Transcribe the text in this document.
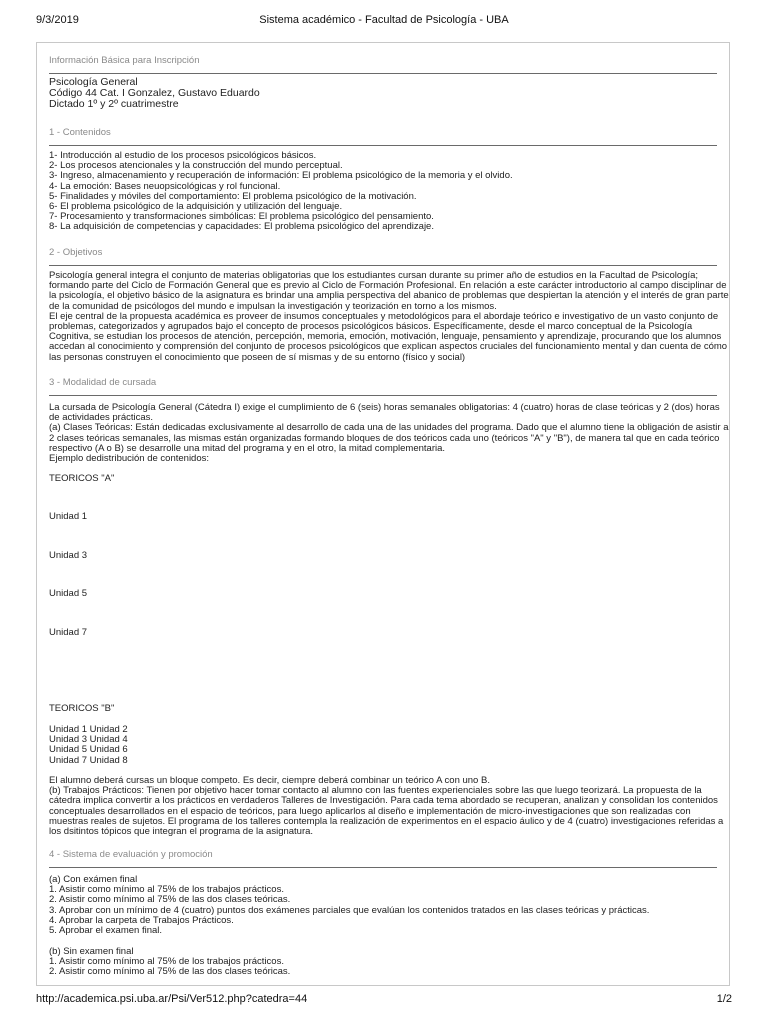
9/3/2019	Sistema académico - Facultad de Psicología - UBA
Información Básica para Inscripción
Psicología General
Código 44 Cat. I Gonzalez, Gustavo Eduardo
Dictado 1º y 2º cuatrimestre
1 - Contenidos
1- Introducción al estudio de los procesos psicológicos básicos.
2- Los procesos atencionales y la construcción del mundo perceptual.
3- Ingreso, almacenamiento y recuperación de información: El problema psicológico de la memoria y el olvido.
4- La emoción: Bases neuopsicológicas y rol funcional.
5- Finalidades y móviles del comportamiento: El problema psicológico de la motivación.
6- El problema psicológico de la adquisición y utilización del lenguaje.
7- Procesamiento y transformaciones simbólicas: El problema psicológico del pensamiento.
8- La adquisición de competencias y capacidades: El problema psicológico del aprendizaje.
2 - Objetivos
Psicología general integra el conjunto de materias obligatorias que los estudiantes cursan durante su primer año de estudios en la Facultad de Psicología;
formando parte del Ciclo de Formación General que es previo al Ciclo de Formación Profesional. En relación a este carácter introductorio al campo disciplinar de
la psicología, el objetivo básico de la asignatura es brindar una amplia perspectiva del abanico de problemas que despiertan la atención y el interés de gran parte
de la comunidad de psicólogos del mundo e impulsan la investigación y teorización en torno a los mismos.
El eje central de la propuesta académica es proveer de insumos conceptuales y metodológicos para el abordaje teórico e investigativo de un vasto conjunto de
problemas, categorizados y agrupados bajo el concepto de procesos psicológicos básicos. Específicamente, desde el marco conceptual de la Psicología
Cognitiva, se estudian los procesos de atención, percepción, memoria, emoción, motivación, lenguaje, pensamiento y aprendizaje, procurando que los alumnos
accedan al conocimiento y comprensión del conjunto de procesos psicológicos que explican aspectos cruciales del funcionamiento mental y dan cuenta de cómo
las personas construyen el conocimiento que poseen de sí mismas y de su entorno (físico y social)
3 - Modalidad de cursada
La cursada de Psicología General (Cátedra I) exige el cumplimiento de 6 (seis) horas semanales obligatorias: 4 (cuatro) horas de clase teóricas y 2 (dos) horas
de actividades prácticas.
(a) Clases Teóricas: Están dedicadas exclusivamente al desarrollo de cada una de las unidades del programa. Dado que el alumno tiene la obligación de asistir a
2 clases teóricas semanales, las mismas están organizadas formando bloques de dos teóricos cada uno (teóricos "A" y "B"), de manera tal que en cada teórico
respectivo (A o B) se desarrolle una mitad del programa y en el otro, la mitad complementaria.
Ejemplo dedistribución de contenidos:
TEORICOS "A"
Unidad 1
Unidad 3
Unidad 5
Unidad 7
TEORICOS "B"
Unidad 1 Unidad 2
Unidad 3 Unidad 4
Unidad 5 Unidad 6
Unidad 7 Unidad 8
El alumno deberá cursas un bloque competo. Es decir, ciempre deberá combinar un teórico A con uno B.
(b) Trabajos Prácticos: Tienen por objetivo hacer tomar contacto al alumno con las fuentes experienciales sobre las que luego teorizará. La propuesta de la
cátedra implica convertir a los prácticos en verdaderos Talleres de Investigación. Para cada tema abordado se recuperan, analizan y consolidan los contenidos
conceptuales desarrollados en el espacio de teóricos, para luego aplicarlos al diseño e implementación de micro-investigaciones que son realizadas con
muestras reales de sujetos. El programa de los talleres contempla la realización de experimentos en el espacio áulico y de 4 (cuatro) investigaciones referidas a
los dsitintos tópicos que integran el programa de la asignatura.
4 - Sistema de evaluación y promoción
(a) Con exámen final
1. Asistir como mínimo al 75% de los trabajos prácticos.
2. Asistir como mínimo al 75% de las dos clases teóricas.
3. Aprobar con un mínimo de 4 (cuatro) puntos dos exámenes parciales que evalúan los contenidos tratados en las clases teóricas y prácticas.
4. Aprobar la carpeta de Trabajos Prácticos.
5. Aprobar el examen final.
(b) Sin examen final
1. Asistir como mínimo al 75% de los trabajos prácticos.
2. Asistir como mínimo al 75% de las dos clases teóricas.
http://academica.psi.uba.ar/Psi/Ver512.php?catedra=44	1/2
